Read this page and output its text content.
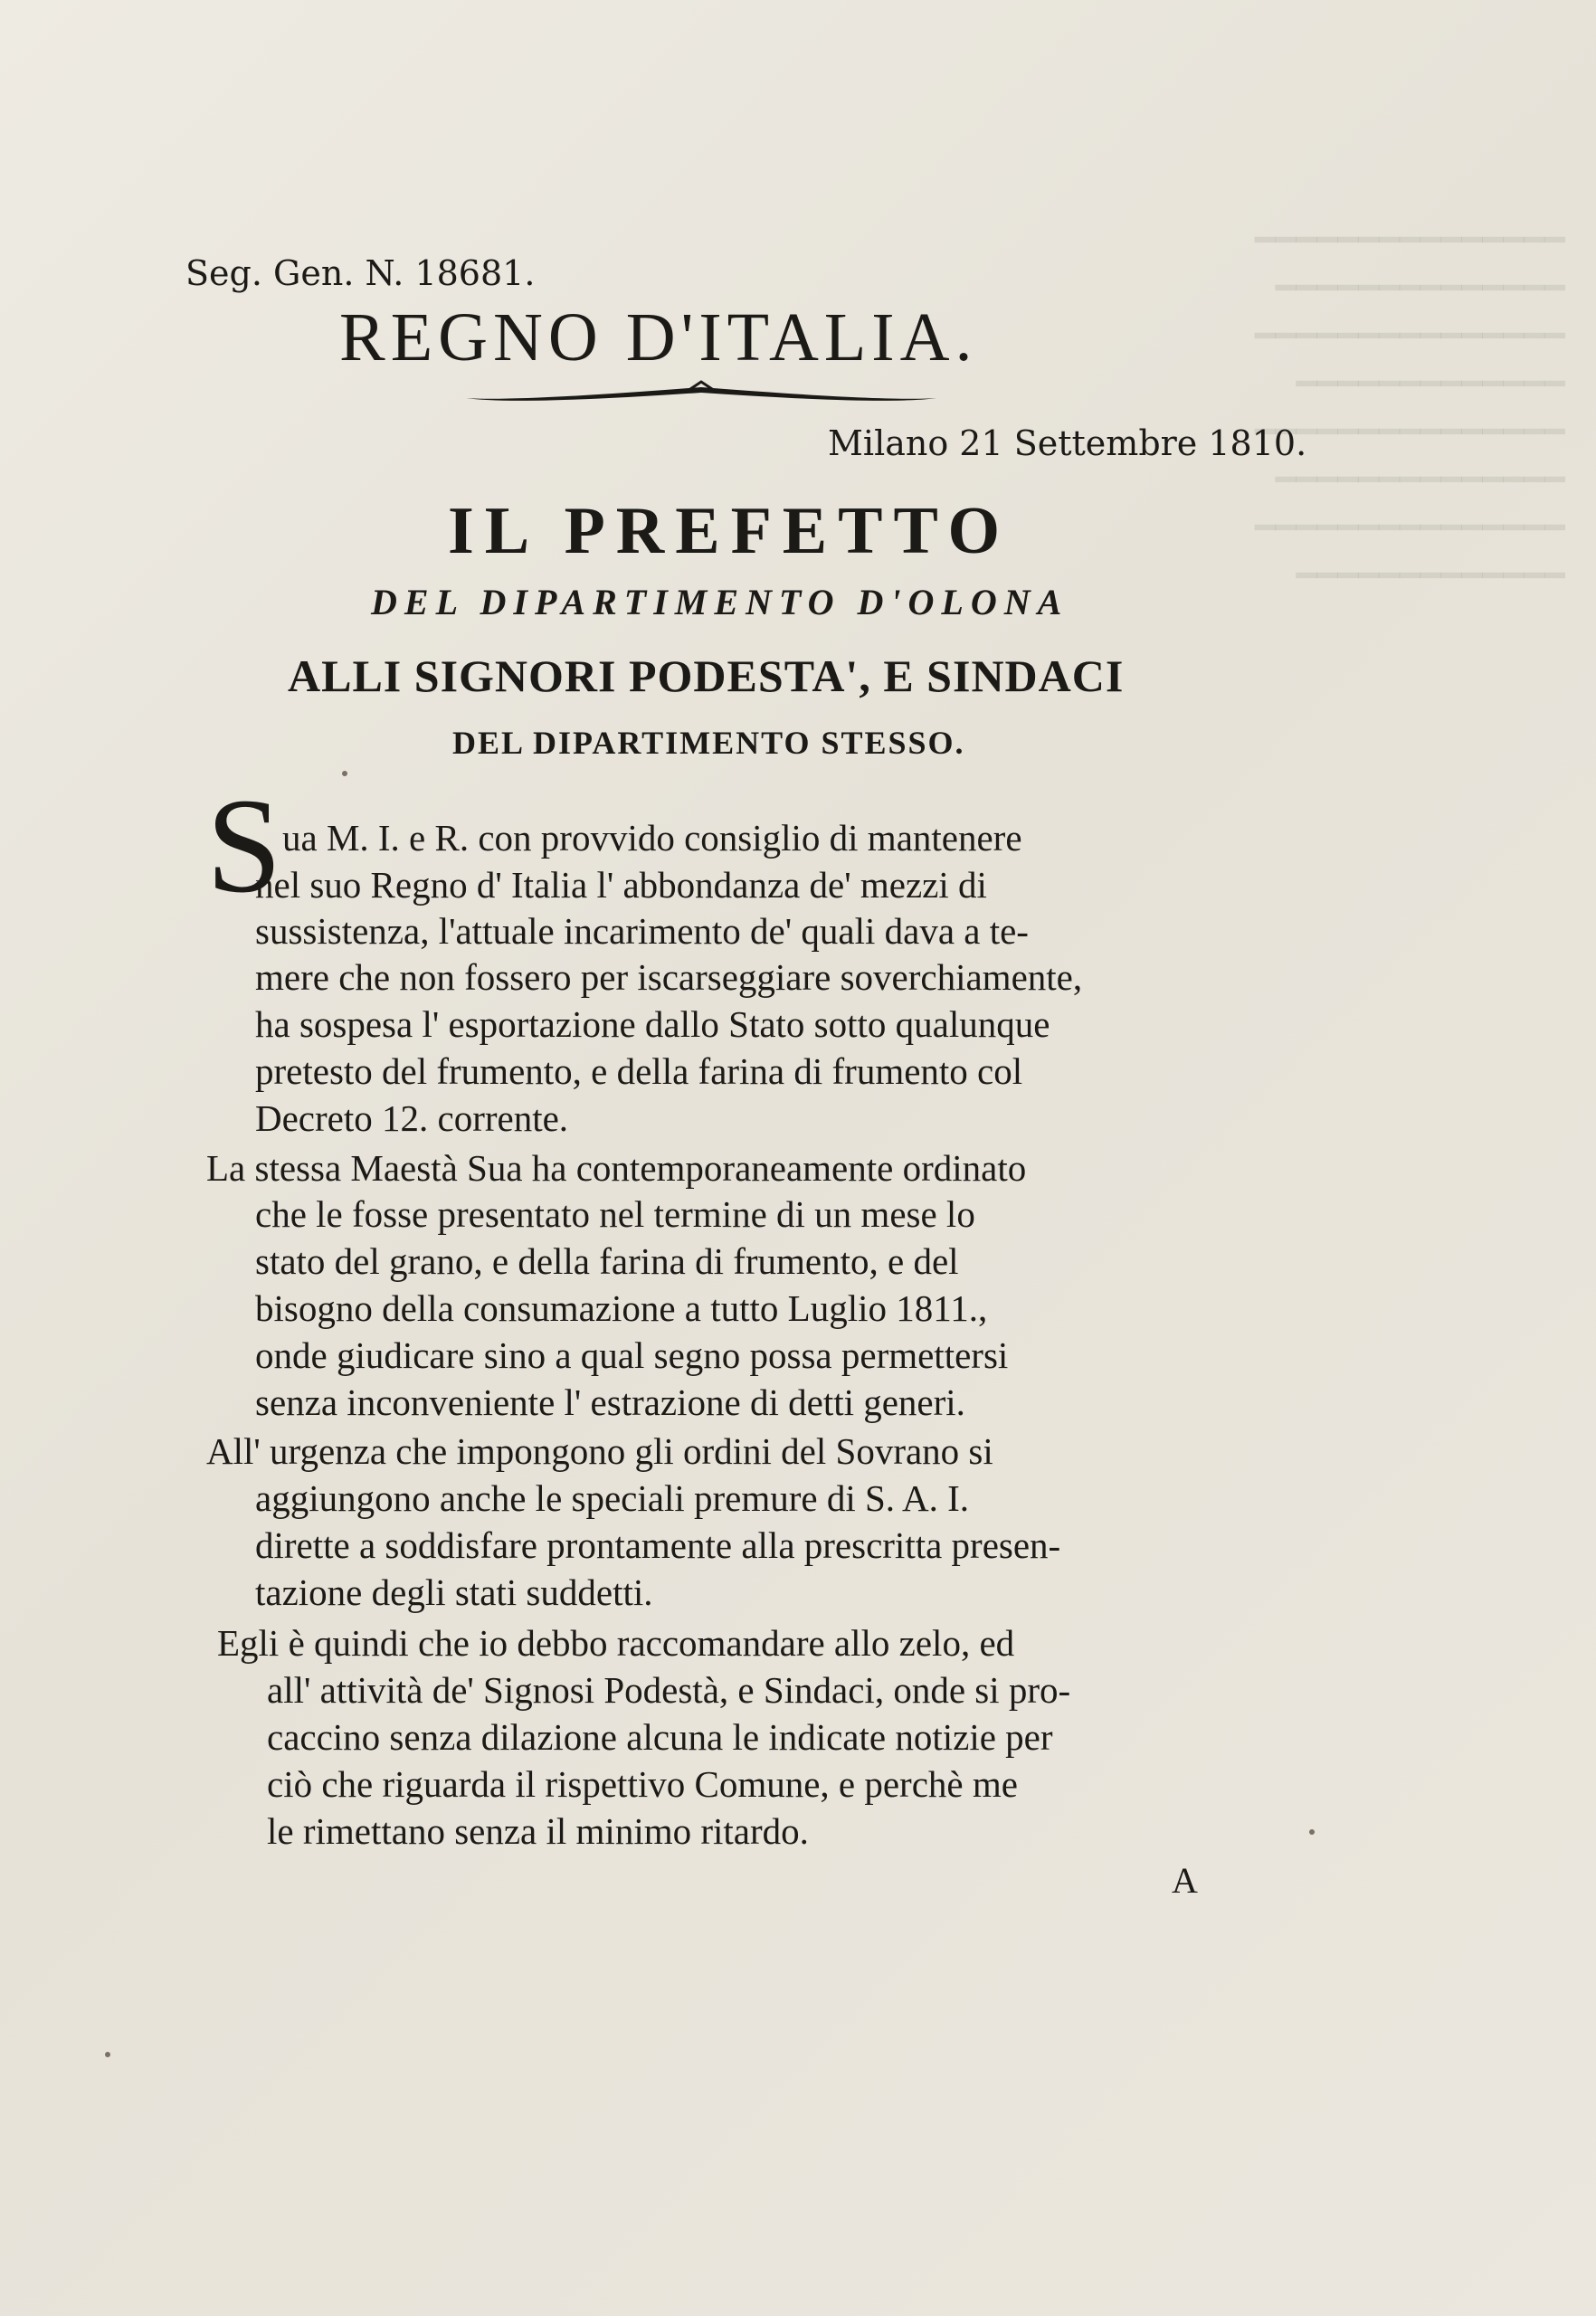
━━━━━━━━━━━━━━━
━━━━━━━━━━━━━━
━━━━━━━━━━━━━━━
━━━━━━━━━━━━━
━━━━━━━━━━━━━━━
━━━━━━━━━━━━━━
━━━━━━━━━━━━━━━
━━━━━━━━━━━━━
Seg. Gen. N. 18681.
REGNO D'ITALIA.
Milano 21 Settembre 1810.
IL PREFETTO
DEL DIPARTIMENTO D'OLONA
ALLI SIGNORI PODESTA', E SINDACI
DEL DIPARTIMENTO STESSO.
S ua M. I. e R. con provvido consiglio di mantenere
nel suo Regno d' Italia l' abbondanza de' mezzi di
sussistenza, l'attuale incarimento de' quali dava a te-
mere che non fossero per iscarseggiare soverchiamente,
ha sospesa l' esportazione dallo Stato sotto qualunque
pretesto del frumento, e della farina di frumento col
Decreto 12. corrente.
La stessa Maestà Sua ha contemporaneamente ordinato
che le fosse presentato nel termine di un mese lo
stato del grano, e della farina di frumento, e del
bisogno della consumazione a tutto Luglio 1811.,
onde giudicare sino a qual segno possa permettersi
senza inconveniente l' estrazione di detti generi.
All' urgenza che impongono gli ordini del Sovrano si
aggiungono anche le speciali premure di S. A. I.
dirette a soddisfare prontamente alla prescritta presen-
tazione degli stati suddetti.
Egli è quindi che io debbo raccomandare allo zelo, ed
all' attività de' Signosi Podestà, e Sindaci, onde si pro-
caccino senza dilazione alcuna le indicate notizie per
ciò che riguarda il rispettivo Comune, e perchè me
le rimettano senza il minimo ritardo.
A
